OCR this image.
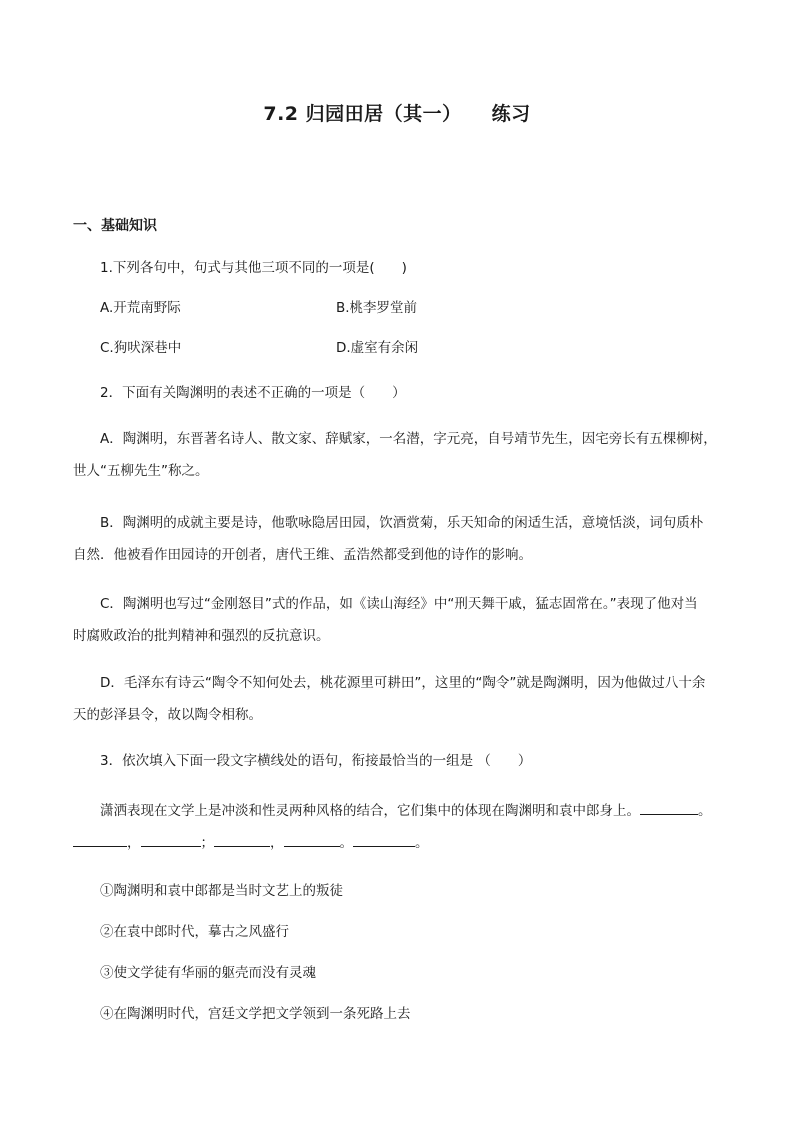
7.2 归园田居（其一） 练习
一、基础知识
1.下列各句中，句式与其他三项不同的一项是(　　)
A.开荒南野际	B.桃李罗堂前
C.狗吠深巷中	D.虚室有余闲
2．下面有关陶渊明的表述不正确的一项是（　　）
A．陶渊明，东晋著名诗人、散文家、辞赋家，一名潜，字元亮，自号靖节先生，因宅旁长有五棵柳树，
世人“五柳先生”称之。
B．陶渊明的成就主要是诗，他歌咏隐居田园，饮酒赏菊，乐天知命的闲适生活，意境恬淡，词句质朴
自然．他被看作田园诗的开创者，唐代王维、孟浩然都受到他的诗作的影响。
C．陶渊明也写过“金刚怒目”式的作品，如《读山海经》中“刑天舞干戚，猛志固常在。”表现了他对当
时腐败政治的批判精神和强烈的反抗意识。
D．毛泽东有诗云“陶令不知何处去，桃花源里可耕田”，这里的“陶令”就是陶渊明，因为他做过八十余
天的彭泽县令，故以陶令相称。
3．依次填入下面一段文字横线处的语句，衔接最恰当的一组是 （　　）
潇洒表现在文学上是冲淡和性灵两种风格的结合，它们集中的体现在陶渊明和袁中郎身上。	。
，	；	，	。	。
①陶渊明和袁中郎都是当时文艺上的叛徒
②在袁中郎时代，摹古之风盛行
③使文学徒有华丽的躯壳而没有灵魂
④在陶渊明时代，宫廷文学把文学领到一条死路上去
